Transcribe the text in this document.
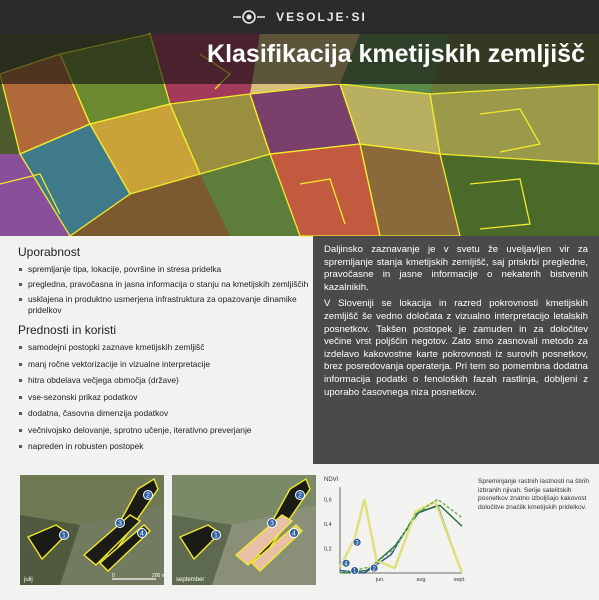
VESOLJE·SI
Klasifikacija kmetijskih zemljišč
Uporabnost
spremljanje tipa, lokacije, površine in stresa pridelka
pregledna, pravočasna in jasna informacija o stanju na kmetijskih zemljiščih
usklajena in produktno usmerjena infrastruktura za opazovanje dinamike pridelkov
Prednosti in koristi
samodejni postopki zaznave kmetijskih zemljišč
manj ročne vektorizacije in vizualne interpretacije
hitra obdelava večjega območja (države)
vse-sezonski prikaz podatkov
dodatna, časovna dimenzija podatkov
večnivojsko delovanje, sprotno učenje, iterativno preverjanje
napreden in robusten postopek

Daljinsko zaznavanje je v svetu že uveljavljen vir za spremljanje stanja kmetijskih zemljišč, saj priskrbi pregledne, pravočasne in jasne informacije o nekaterih bistvenih kazalnikih.

V Sloveniji se lokacija in razred pokrovnosti kmetijskih zemljišč še vedno določata z vizualno interpretacijo letalskih posnetkov. Takšen postopek je zamuden in za določitev večine vrst poljščin negotov. Zato smo zasnovali metodo za izdelavo kakovostne karte pokrovnosti iz surovih posnetkov, brez posredovanja operaterja. Pri tem so pomembna dodatna informacija podatki o fenoloških fazah rastlinja, dobljeni z uporabo časovnega niza posnetkov.

1
2
3
4
0	200 m
julij
1
2
3
4
september
NDVI
0,6
0,4
0,2
jun.	avg.	sept.
1	2
3
4
Spreminjanje rastnih lastnosti na štirih izbranih njivah. Serije satelitskih posnetkov znatno izboljšajo kakovost določitve značilk kmetijskih pridelkov.
